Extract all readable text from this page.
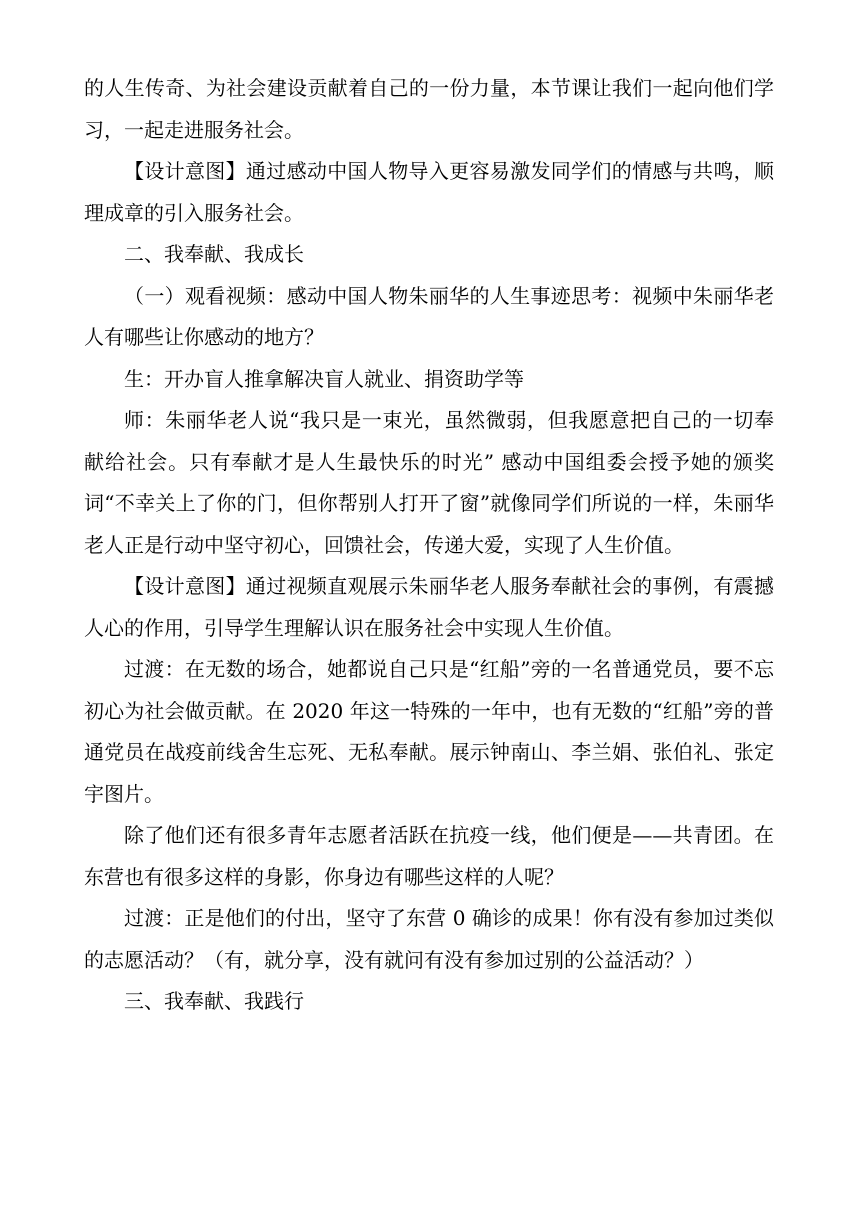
的人生传奇、为社会建设贡献着自己的一份力量，本节课让我们一起向他们学习，一起走进服务社会。

【设计意图】通过感动中国人物导入更容易激发同学们的情感与共鸣，顺理成章的引入服务社会。

二、我奉献、我成长

（一）观看视频：感动中国人物朱丽华的人生事迹思考：视频中朱丽华老人有哪些让你感动的地方？

生：开办盲人推拿解决盲人就业、捐资助学等

师：朱丽华老人说“我只是一束光，虽然微弱，但我愿意把自己的一切奉献给社会。只有奉献才是人生最快乐的时光” 感动中国组委会授予她的颁奖词“不幸关上了你的门，但你帮别人打开了窗”就像同学们所说的一样，朱丽华老人正是行动中坚守初心，回馈社会，传递大爱，实现了人生价值。

【设计意图】通过视频直观展示朱丽华老人服务奉献社会的事例，有震撼人心的作用，引导学生理解认识在服务社会中实现人生价值。

过渡：在无数的场合，她都说自己只是“红船”旁的一名普通党员，要不忘初心为社会做贡献。在 2020 年这一特殊的一年中，也有无数的“红船”旁的普通党员在战疫前线舍生忘死、无私奉献。展示钟南山、李兰娟、张伯礼、张定宇图片。

除了他们还有很多青年志愿者活跃在抗疫一线，他们便是——共青团。在东营也有很多这样的身影，你身边有哪些这样的人呢？

过渡：正是他们的付出，坚守了东营 0 确诊的成果！你有没有参加过类似的志愿活动？（有，就分享，没有就问有没有参加过别的公益活动？）

三、我奉献、我践行
